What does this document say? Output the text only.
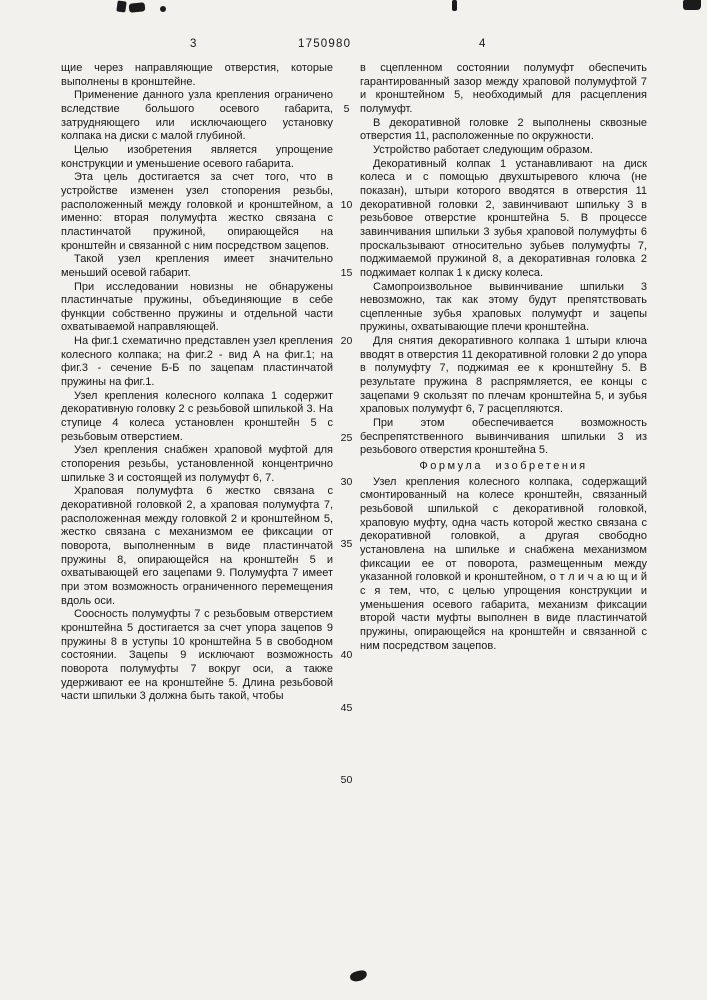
3	1750980	4

щие через направляющие отверстия, которые выполнены в кронштейне.

Применение данного узла крепления ограничено вследствие большого осевого габарита, затрудняющего или исключающего установку колпака на диски с малой глубиной.

Целью изобретения является упрощение конструкции и уменьшение осевого габарита.

Эта цель достигается за счет того, что в устройстве изменен узел стопорения резьбы, расположенный между головкой и кронштейном, а именно: вторая полумуфта жестко связана с пластинчатой пружиной, опирающейся на кронштейн и связанной с ним посредством зацепов.

Такой узел крепления имеет значительно меньший осевой габарит.

При исследовании новизны не обнаружены пластинчатые пружины, объединяющие в себе функции собственно пружины и отдельной части охватываемой направляющей.

На фиг.1 схематично представлен узел крепления колесного колпака; на фиг.2 - вид А на фиг.1; на фиг.3 - сечение Б-Б по зацепам пластинчатой пружины на фиг.1.

Узел крепления колесного колпака 1 содержит декоративную головку 2 с резьбовой шпилькой 3. На ступице 4 колеса установлен кронштейн 5 с резьбовым отверстием.

Узел крепления снабжен храповой муфтой для стопорения резьбы, установленной концентрично шпильке 3 и состоящей из полумуфт 6, 7.

Храповая полумуфта 6 жестко связана с декоративной головкой 2, а храповая полумуфта 7, расположенная между головкой 2 и кронштейном 5, жестко связана с механизмом ее фиксации от поворота, выполненным в виде пластинчатой пружины 8, опирающейся на кронштейн 5 и охватывающей его зацепами 9. Полумуфта 7 имеет при этом возможность ограниченного перемещения вдоль оси.

Соосность полумуфты 7 с резьбовым отверстием кронштейна 5 достигается за счет упора зацепов 9 пружины 8 в уступы 10 кронштейна 5 в свободном состоянии. Зацепы 9 исключают возможность поворота полумуфты 7 вокруг оси, а также удерживают ее на кронштейне 5. Длина резьбовой части шпильки 3 должна быть такой, чтобы

5
10
15
20
25
30
35
40
45
50

в сцепленном состоянии полумуфт обеспечить гарантированный зазор между храповой полумуфтой 7 и кронштейном 5, необходимый для расцепления полумуфт.

В декоративной головке 2 выполнены сквозные отверстия 11, расположенные по окружности.

Устройство работает следующим образом.

Декоративный колпак 1 устанавливают на диск колеса и с помощью двухштыревого ключа (не показан), штыри которого вводятся в отверстия 11 декоративной головки 2, завинчивают шпильку 3 в резьбовое отверстие кронштейна 5. В процессе завинчивания шпильки 3 зубья храповой полумуфты 6 проскальзывают относительно зубьев полумуфты 7, поджимаемой пружиной 8, а декоративная головка 2 поджимает колпак 1 к диску колеса.

Самопроизвольное вывинчивание шпильки 3 невозможно, так как этому будут препятствовать сцепленные зубья храповых полумуфт и зацепы пружины, охватывающие плечи кронштейна.

Для снятия декоративного колпака 1 штыри ключа вводят в отверстия 11 декоративной головки 2 до упора в полумуфту 7, поджимая ее к кронштейну 5. В результате пружина 8 распрямляется, ее концы с зацепами 9 скользят по плечам кронштейна 5, и зубья храповых полумуфт 6, 7 расцепляются.

При этом обеспечивается возможность беспрепятственного вывинчивания шпильки 3 из резьбового отверстия кронштейна 5.

Формула изобретения

Узел крепления колесного колпака, содержащий смонтированный на колесе кронштейн, связанный резьбовой шпилькой с декоративной головкой, храповую муфту, одна часть которой жестко связана с декоративной головкой, а другая свободно установлена на шпильке и снабжена механизмом фиксации ее от поворота, размещенным между указанной головкой и кронштейном, о т л и ч а ю щ и й с я тем, что, с целью упрощения конструкции и уменьшения осевого габарита, механизм фиксации второй части муфты выполнен в виде пластинчатой пружины, опирающейся на кронштейн и связанной с ним посредством зацепов.
